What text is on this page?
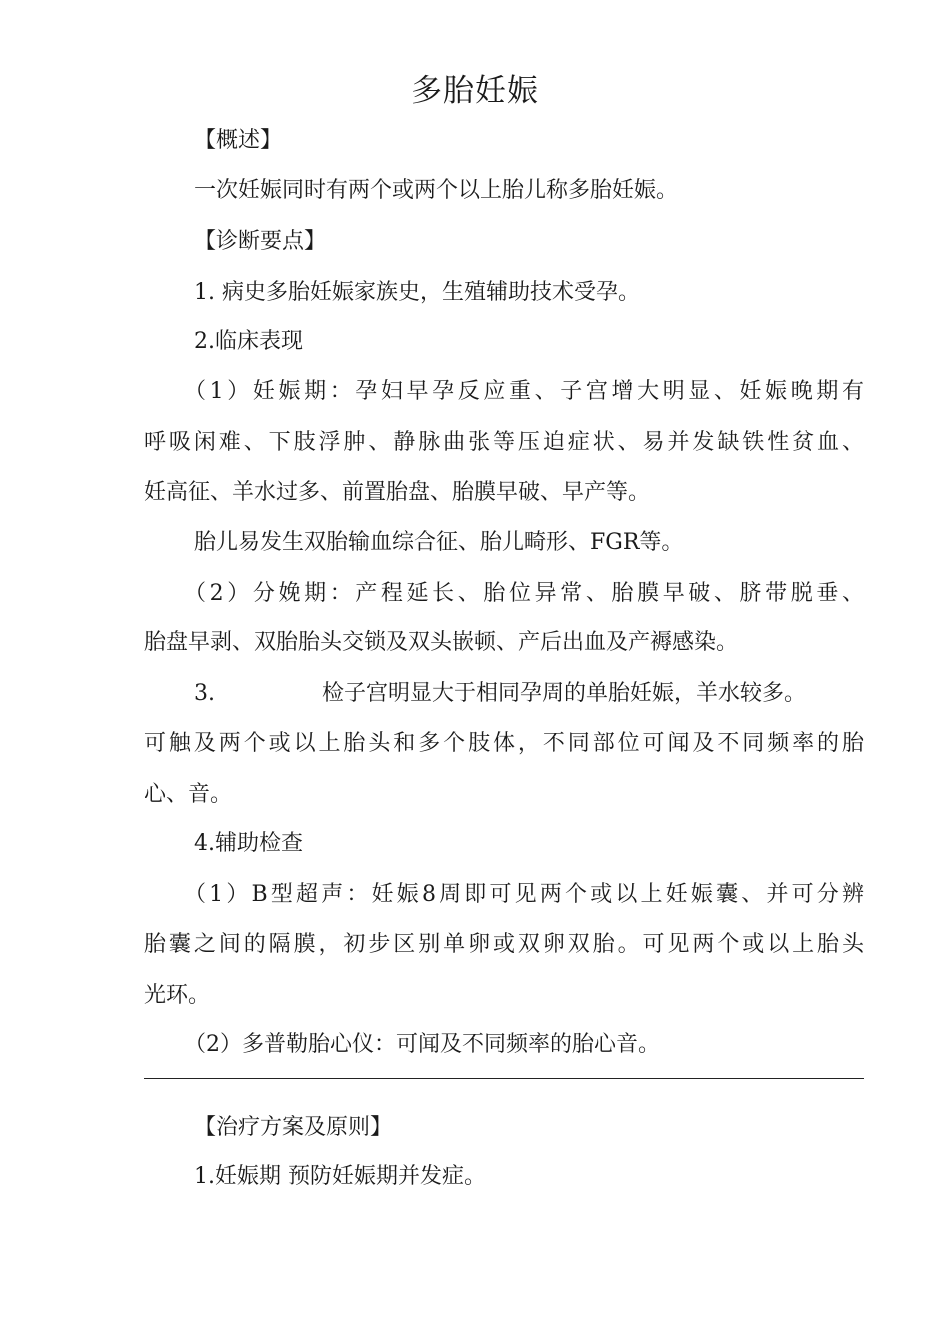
多胎妊娠

【概述】

一次妊娠同时有两个或两个以上胎儿称多胎妊娠。

【诊断要点】

1. 病史多胎妊娠家族史，生殖辅助技术受孕。

2.临床表现

（1）妊娠期：孕妇早孕反应重、子宫增大明显、妊娠晚期有

呼吸闲难、下肢浮肿、静脉曲张等压迫症状、易并发缺铁性贫血、

妊高征、羊水过多、前置胎盘、胎膜早破、早产等。

胎儿易发生双胎输血综合征、胎儿畸形、FGR等。

（2）分娩期：产程延长、胎位异常、胎膜早破、脐带脱垂、

胎盘早剥、双胎胎头交锁及双头嵌顿、产后出血及产褥感染。

3.	检子宫明显大于相同孕周的单胎妊娠，羊水较多。

可触及两个或以上胎头和多个肢体，不同部位可闻及不同频率的胎

心、音。

4.辅助检查

（1）B型超声：妊娠8周即可见两个或以上妊娠囊、并可分辨

胎囊之间的隔膜，初步区别单卵或双卵双胎。可见两个或以上胎头

光环。

（2）多普勒胎心仪：可闻及不同频率的胎心音。

【治疗方案及原则】

1.妊娠期 预防妊娠期并发症。
